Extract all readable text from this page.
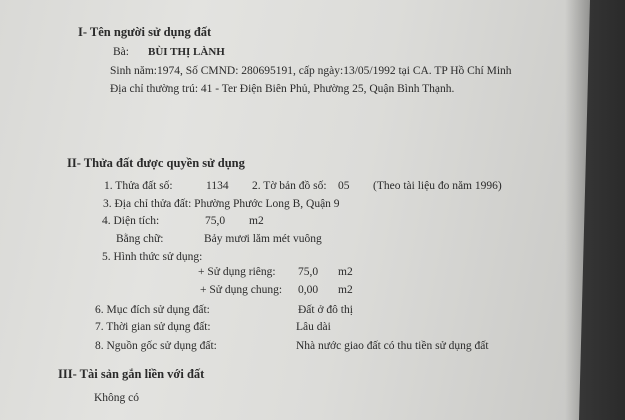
I- Tên người sử dụng đất
Bà: BÙI THỊ LÀNH
Sinh năm:1974, Số CMND: 280695191, cấp ngày:13/05/1992 tại CA. TP Hồ Chí Minh
Địa chỉ thường trú: 41 - Ter Điện Biên Phủ, Phường 25, Quận Bình Thạnh.
II- Thửa đất được quyền sử dụng
1. Thửa đất số:	1134 2. Tờ bản đồ số: 05 (Theo tài liệu đo năm 1996)
3. Địa chỉ thửa đất: Phường Phước Long B, Quận 9
4. Diện tích:	75,0 m2
Bằng chữ:	Bảy mươi lăm mét vuông
5. Hình thức sử dụng:
+ Sử dụng riêng: 75,0 m2
+ Sử dụng chung: 0,00 m2
6. Mục đích sử dụng đất:	Đất ở đô thị
7. Thời gian sử dụng đất:	Lâu dài
8. Nguồn gốc sử dụng đất:	Nhà nước giao đất có thu tiền sử dụng đất
III- Tài sản gắn liền với đất
Không có
